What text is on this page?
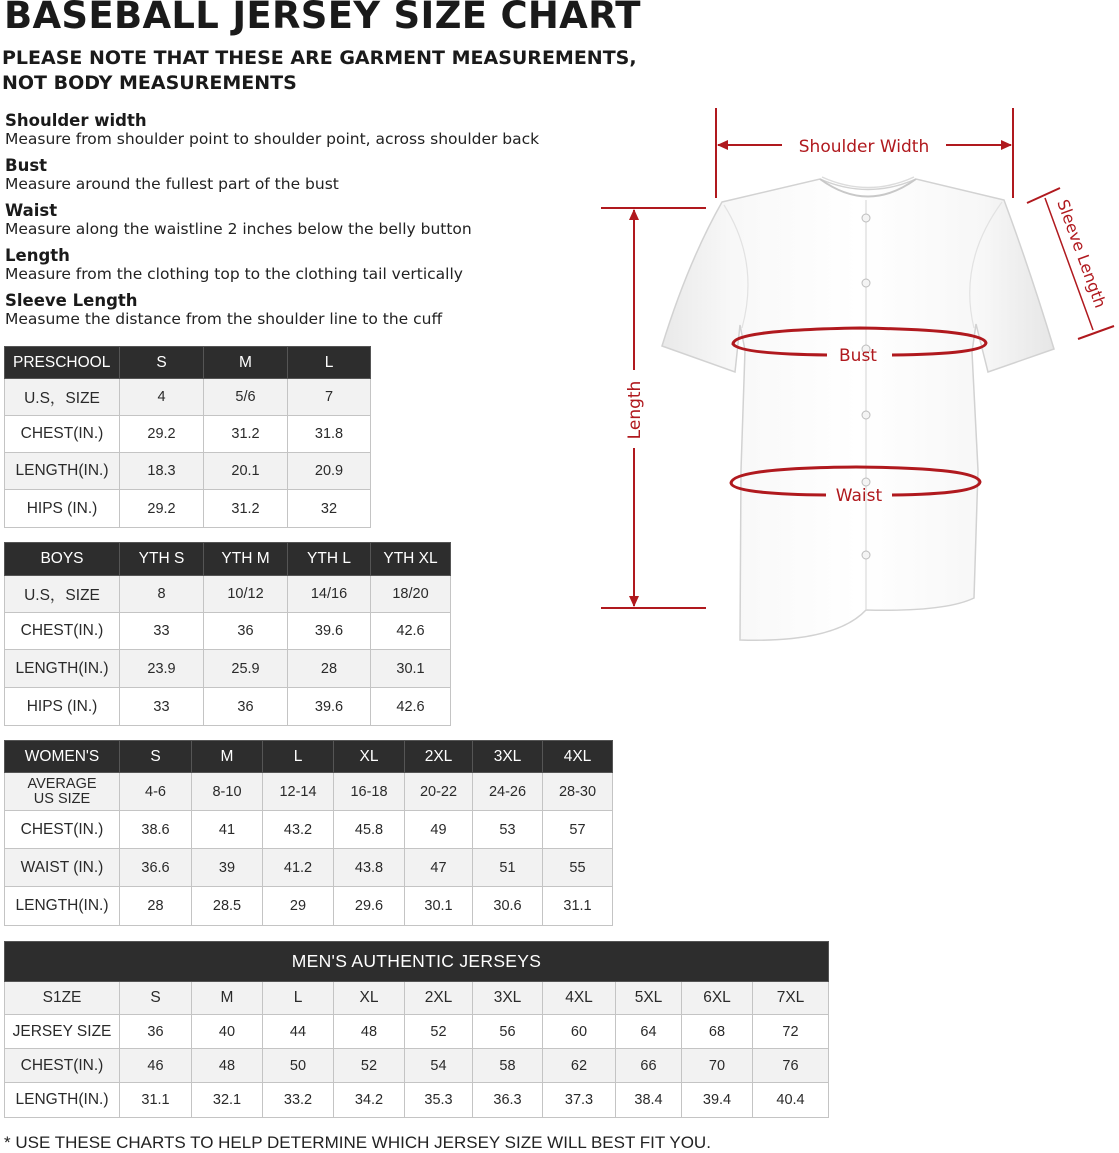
BASEBALL JERSEY SIZE CHART
PLEASE NOTE THAT THESE ARE GARMENT MEASUREMENTS,
NOT BODY MEASUREMENTS
Shoulder width
Measure from shoulder point to shoulder point, across shoulder back
Bust
Measure around the fullest part of the bust
Waist
Measure along the waistline 2 inches below the belly button
Length
Measure from the clothing top to the clothing tail vertically
Sleeve Length
Measume the distance from the shoulder line to the cuff
PRESCHOOL	S	M	L
U.S，SIZE	4	5/6	7
CHEST(IN.)	29.2	31.2	31.8
LENGTH(IN.)	18.3	20.1	20.9
HIPS (IN.)	29.2	31.2	32
BOYS	YTH S	YTH M	YTH L	YTH XL
U.S，SIZE	8	10/12	14/16	18/20
CHEST(IN.)	33	36	39.6	42.6
LENGTH(IN.)	23.9	25.9	28	30.1
HIPS (IN.)	33	36	39.6	42.6
WOMEN'S	S	M	L	XL	2XL	3XL	4XL

AVERAGE
US SIZE	4-6	8-10	12-14	16-18	20-22	24-26	28-30
CHEST(IN.)	38.6	41	43.2	45.8	49	53	57
WAIST (IN.)	36.6	39	41.2	43.8	47	51	55
LENGTH(IN.)	28	28.5	29	29.6	30.1	30.6	31.1
MEN'S AUTHENTIC JERSEYS										
S1ZE	S	M	L	XL	2XL	3XL	4XL	5XL	6XL	7XL
JERSEY SIZE	36	40	44	48	52	56	60	64	68	72
CHEST(IN.)	46	48	50	52	54	58	62	66	70	76
LENGTH(IN.)	31.1	32.1	33.2	34.2	35.3	36.3	37.3	38.4	39.4	40.4
Shoulder Width
Sleeve Length
Length
Bust
Waist

* USE THESE CHARTS TO HELP DETERMINE WHICH JERSEY SIZE WILL BEST FIT YOU.
